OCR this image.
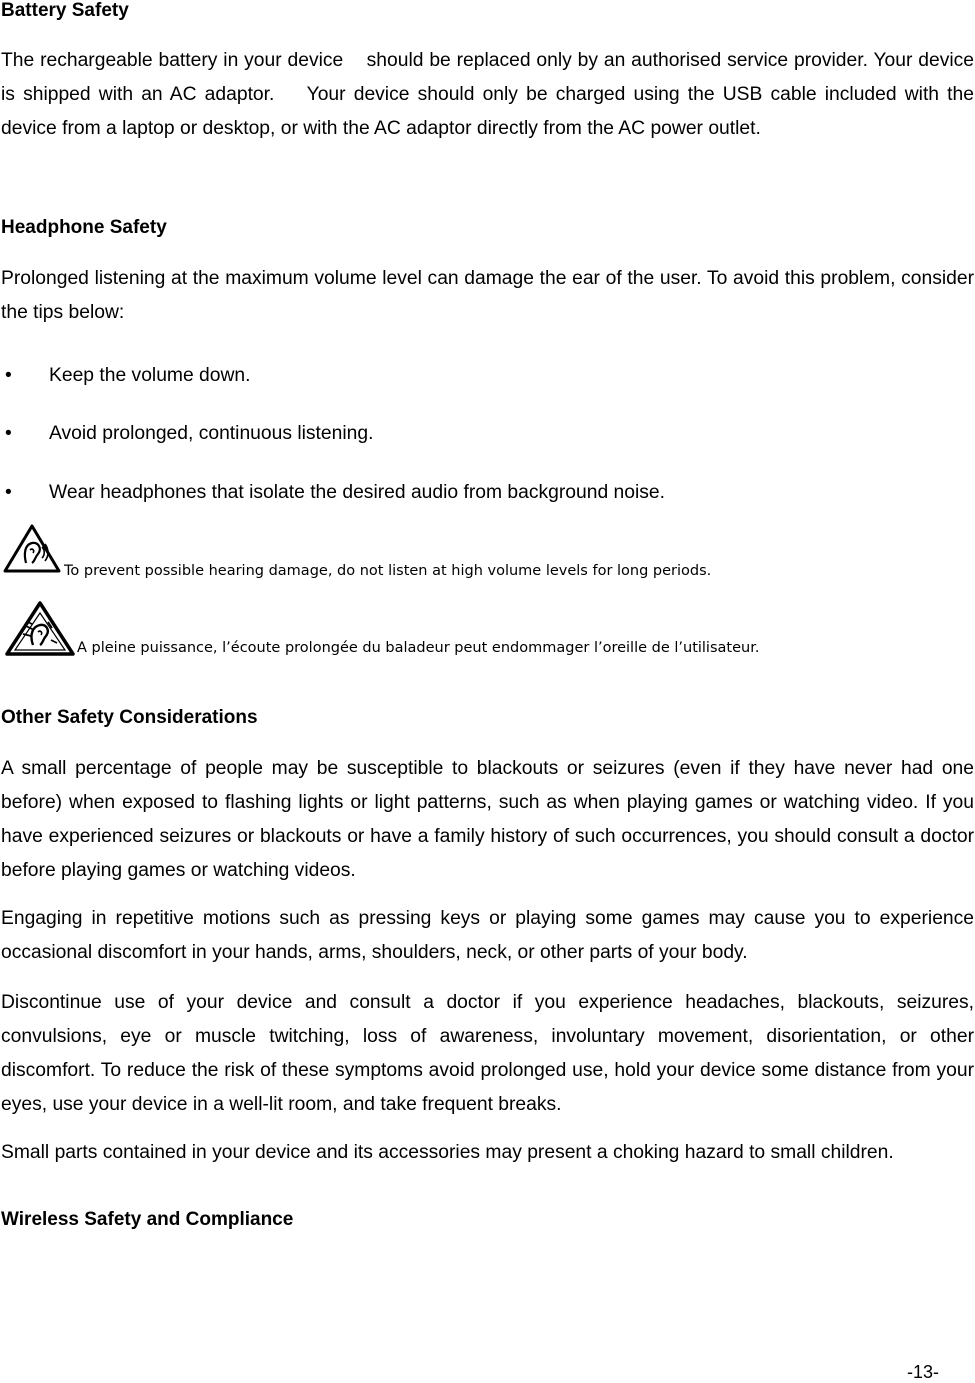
Battery Safety

The rechargeable battery in your device    should be replaced only by an authorised service provider. Your device is shipped with an AC adaptor.    Your device should only be charged using the USB cable included with the device from a laptop or desktop, or with the AC adaptor directly from the AC power outlet.

Headphone Safety

Prolonged listening at the maximum volume level can damage the ear of the user. To avoid this problem, consider the tips below:

• Keep the volume down.
• Avoid prolonged, continuous listening.
• Wear headphones that isolate the desired audio from background noise.
To prevent possible hearing damage, do not listen at high volume levels for long periods.
A pleine puissance, l’écoute prolongée du baladeur peut endommager l’oreille de l’utilisateur.
Other Safety Considerations

A small percentage of people may be susceptible to blackouts or seizures (even if they have never had one before) when exposed to flashing lights or light patterns, such as when playing games or watching video. If you have experienced seizures or blackouts or have a family history of such occurrences, you should consult a doctor before playing games or watching videos.

Engaging in repetitive motions such as pressing keys or playing some games may cause you to experience occasional discomfort in your hands, arms, shoulders, neck, or other parts of your body.

Discontinue use of your device and consult a doctor if you experience headaches, blackouts, seizures, convulsions, eye or muscle twitching, loss of awareness, involuntary movement, disorientation, or other discomfort. To reduce the risk of these symptoms avoid prolonged use, hold your device some distance from your eyes, use your device in a well-lit room, and take frequent breaks.

Small parts contained in your device and its accessories may present a choking hazard to small children.

Wireless Safety and Compliance
-13-
